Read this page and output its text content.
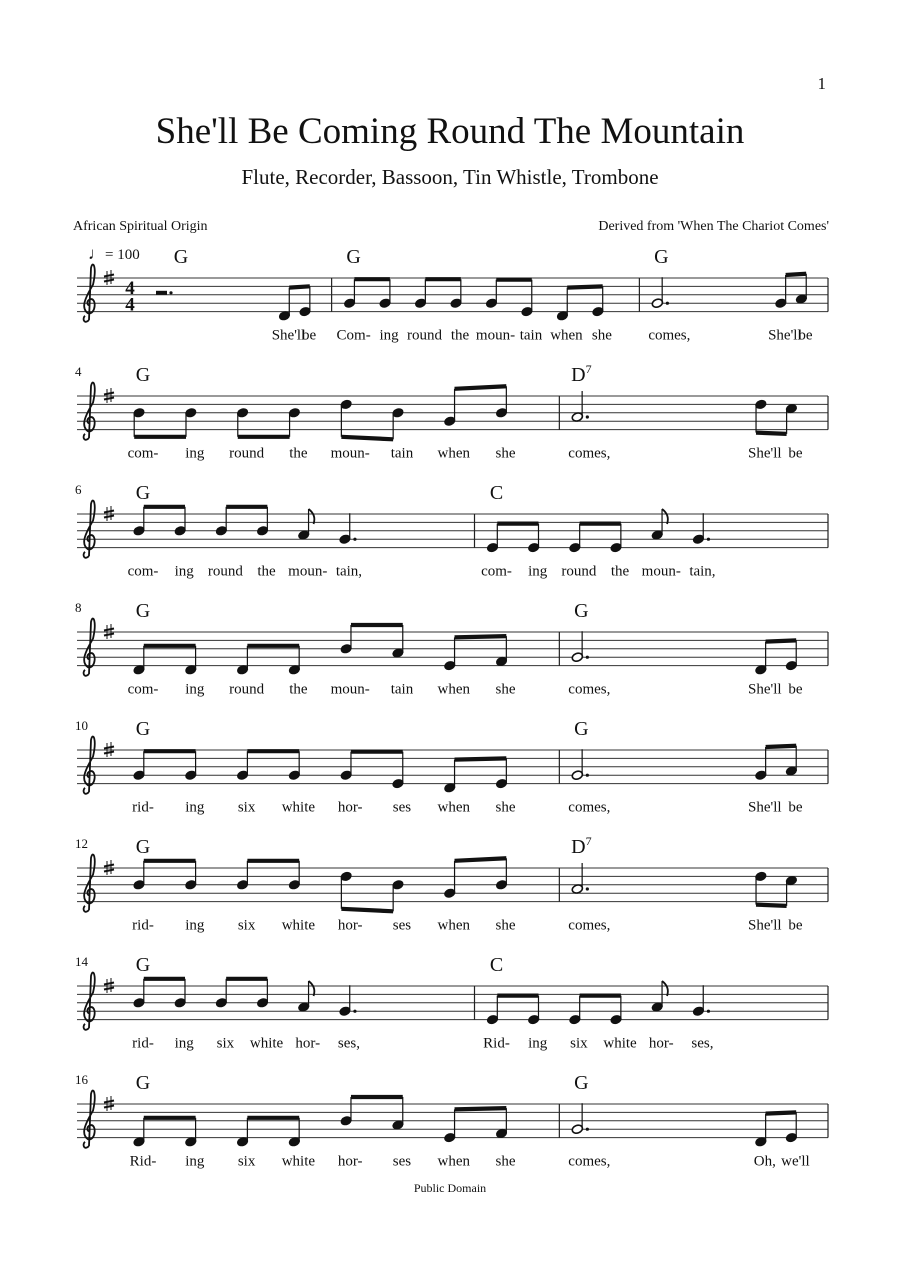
1
She'll Be Coming Round The Mountain
Flute, Recorder, Bassoon, Tin Whistle, Trombone
African Spiritual Origin	Derived from 'When The Chariot Comes'
♩= 100
4
4
G
She'll
be
G
Com- ing round the moun- tain when she
G
comes,	She'll
be
4	G
com- ing round the moun- tain when she
$D^7$
comes,	She'll be
6	G
com- ing round the moun- tain,
C
com- ing round the moun- tain,
8	G
com- ing round the moun- tain when she
G
comes,	She'll be
10 G
rid- ing six white hor- ses when she
G
comes,	She'll be
12 G
rid- ing six white hor- ses when she
$D^7$
comes,	She'll be
14 G
rid- ing six white hor- ses,
C
Rid- ing six white hor- ses,
16 G
Rid- ing six white hor- ses when she
G
comes,	Oh, we'll
Public Domain
